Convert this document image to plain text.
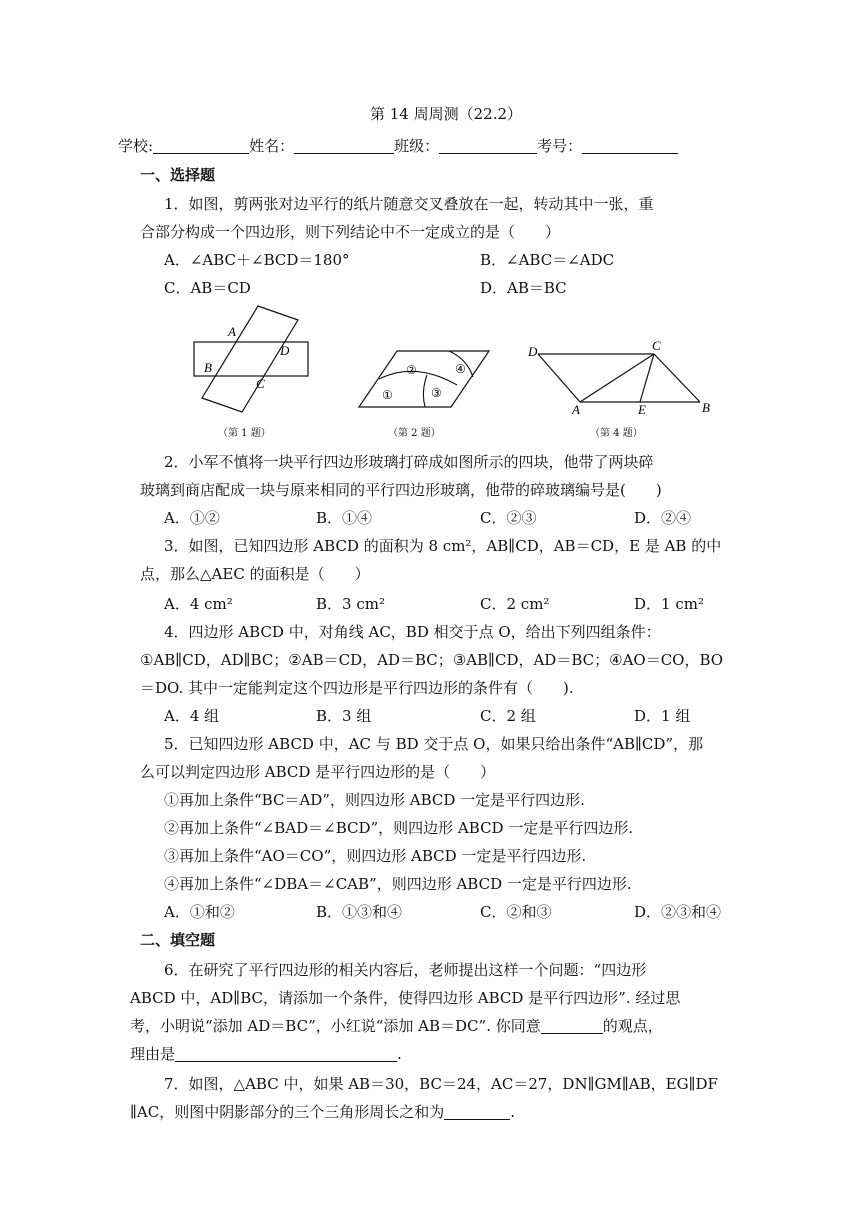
第 14 周周测（22.2）
学校:	姓名：	班级：	考号：
一、选择题
1．如图，剪两张对边平行的纸片随意交叉叠放在一起，转动其中一张，重
合部分构成一个四边形，则下列结论中不一定成立的是（　　）
A．∠ABC＋∠BCD＝180°	B．∠ABC＝∠ADC
C．AB＝CD	D．AB＝BC
A
B
C
D
（第 1 题）
②	④
①	③
（第 2 题）
D	C
A	E	B
（第 4 题）
2．小军不慎将一块平行四边形玻璃打碎成如图所示的四块，他带了两块碎
玻璃到商店配成一块与原来相同的平行四边形玻璃，他带的碎玻璃编号是(　　)
A．①②	B．①④	C．②③	D．②④
3．如图，已知四边形 ABCD 的面积为 8 cm²，AB∥CD，AB＝CD，E 是 AB 的中
点，那么△AEC 的面积是（　　）
A．4 cm²	B．3 cm²	C．2 cm²	D．1 cm²
4．四边形 ABCD 中，对角线 AC，BD 相交于点 O，给出下列四组条件：
①AB∥CD，AD∥BC；②AB＝CD，AD＝BC；③AB∥CD，AD＝BC；④AO＝CO，BO
＝DO. 其中一定能判定这个四边形是平行四边形的条件有（　　).
A．4 组	B．3 组	C．2 组	D．1 组
5．已知四边形 ABCD 中，AC 与 BD 交于点 O，如果只给出条件“AB∥CD”，那
么可以判定四边形 ABCD 是平行四边形的是（　　）
①再加上条件“BC＝AD”，则四边形 ABCD 一定是平行四边形.
②再加上条件“∠BAD＝∠BCD”，则四边形 ABCD 一定是平行四边形.
③再加上条件“AO＝CO”，则四边形 ABCD 一定是平行四边形.
④再加上条件“∠DBA＝∠CAB”，则四边形 ABCD 一定是平行四边形.
A．①和②	B．①③和④	C．②和③	D．②③和④
二、填空题
6．在研究了平行四边形的相关内容后，老师提出这样一个问题：“四边形
ABCD 中，AD∥BC，请添加一个条件，使得四边形 ABCD 是平行四边形”. 经过思
考，小明说“添加 AD＝BC”，小红说“添加 AB＝DC”. 你同意	的观点，
理由是	.
7．如图，△ABC 中，如果 AB＝30，BC＝24，AC＝27，DN∥GM∥AB，EG∥DF
∥AC，则图中阴影部分的三个三角形周长之和为	.
